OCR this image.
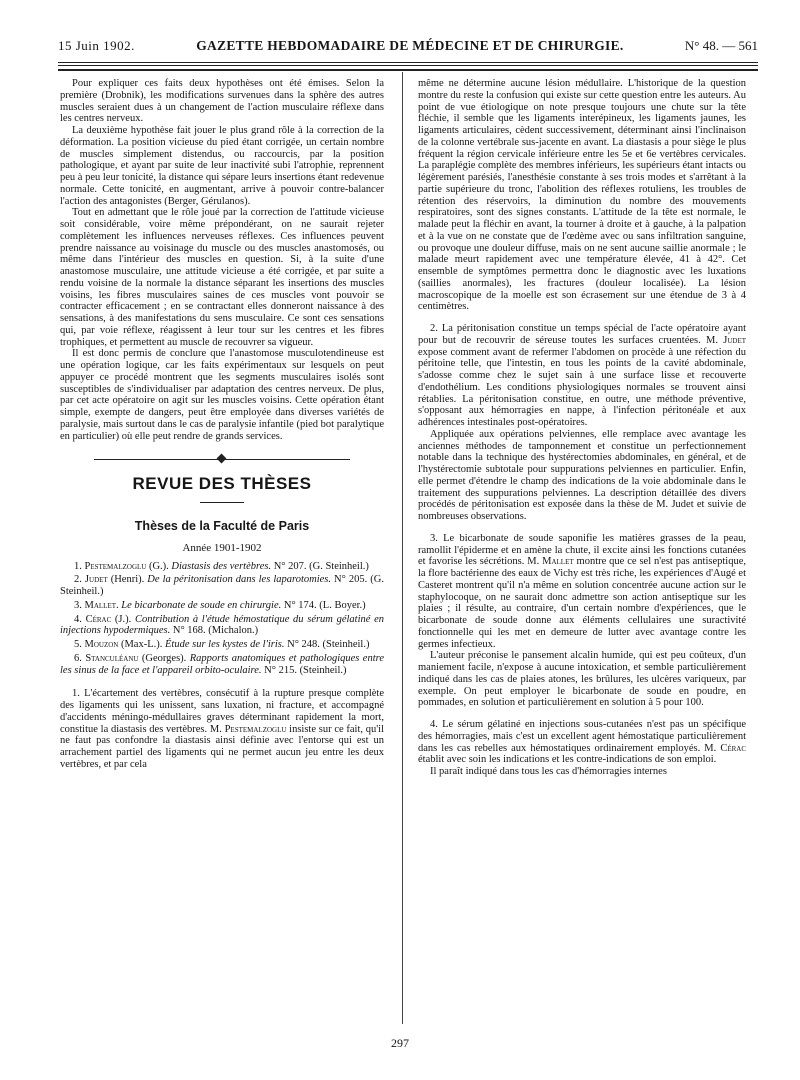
15 Juin 1902.	GAZETTE HEBDOMADAIRE DE MÉDECINE ET DE CHIRURGIE.	N° 48. — 561

Pour expliquer ces faits deux hypothèses ont été émises. Selon la première (Drobnik), les modifications survenues dans la sphère des autres muscles seraient dues à un changement de l'action musculaire réflexe dans les centres nerveux.

La deuxième hypothèse fait jouer le plus grand rôle à la correction de la déformation. La position vicieuse du pied étant corrigée, un certain nombre de muscles simplement distendus, ou raccourcis, par la position pathologique, et ayant par suite de leur inactivité subi l'atrophie, reprennent peu à peu leur tonicité, la distance qui sépare leurs insertions étant redevenue normale. Cette tonicité, en augmentant, arrive à pouvoir contre-balancer l'action des antagonistes (Berger, Gérulanos).

Tout en admettant que le rôle joué par la correction de l'attitude vicieuse soit considérable, voire même prépondérant, on ne saurait rejeter complètement les influences nerveuses réflexes. Ces influences peuvent prendre naissance au voisinage du muscle ou des muscles anastomosés, ou même dans l'intérieur des muscles en question. Si, à la suite d'une anastomose musculaire, une attitude vicieuse a été corrigée, et par suite a rendu voisine de la normale la distance séparant les insertions des muscles voisins, les fibres musculaires saines de ces muscles vont pouvoir se contracter efficacement ; en se contractant elles donneront naissance à des sensations, à des manifestations du sens musculaire. Ce sont ces sensations qui, par voie réflexe, réagissent à leur tour sur les centres et les fibres trophiques, et permettent au muscle de recouvrer sa vigueur.

Il est donc permis de conclure que l'anastomose musculotendineuse est une opération logique, car les faits expérimentaux sur lesquels on peut appuyer ce procédé montrent que les segments musculaires isolés sont susceptibles de s'individualiser par adaptation des centres nerveux. De plus, par cet acte opératoire on agit sur les muscles voisins. Cette opération étant simple, exempte de dangers, peut être employée dans diverses variétés de paralysie, mais surtout dans le cas de paralysie infantile (pied bot paralytique en particulier) où elle peut rendre de grands services.

REVUE DES THÈSES
Thèses de la Faculté de Paris
Année 1901-1902

1. Pestemalzoglu (G.). Diastasis des vertèbres. N° 207. (G. Steinheil.)

2. Judet (Henri). De la péritonisation dans les laparotomies. N° 205. (G. Steinheil.)

3. Mallet. Le bicarbonate de soude en chirurgie. N° 174. (L. Boyer.)

4. Cérac (J.). Contribution à l'étude hémostatique du sérum gélatiné en injections hypodermiques. N° 168. (Michalon.)

5. Mouzon (Max-L.). Étude sur les kystes de l'iris. N° 248. (Steinheil.)

6. Stanculéanu (Georges). Rapports anatomiques et pathologiques entre les sinus de la face et l'appareil orbito-oculaire. N° 215. (Steinheil.)

1. L'écartement des vertèbres, consécutif à la rupture presque complète des ligaments qui les unissent, sans luxation, ni fracture, et accompagné d'accidents méningo-médullaires graves déterminant rapidement la mort, constitue la diastasis des vertèbres. M. Pestemalzoglu insiste sur ce fait, qu'il ne faut pas confondre la diastasis ainsi définie avec l'entorse qui est un arrachement partiel des ligaments qui ne permet aucun jeu entre les deux vertèbres, et par cela

même ne détermine aucune lésion médullaire. L'historique de la question montre du reste la confusion qui existe sur cette question entre les auteurs. Au point de vue étiologique on note presque toujours une chute sur la tête fléchie, il semble que les ligaments interépineux, les ligaments jaunes, les ligaments articulaires, cèdent successivement, déterminant ainsi l'inclinaison de la colonne vertébrale sus-jacente en avant. La diastasis a pour siège le plus fréquent la région cervicale inférieure entre les 5e et 6e vertèbres cervicales. La paraplégie complète des membres inférieurs, les supérieurs étant intacts ou légèrement parésiés, l'anesthésie constante à ses trois modes et s'arrêtant à la partie supérieure du tronc, l'abolition des réflexes rotuliens, les troubles de rétention des réservoirs, la diminution du nombre des mouvements respiratoires, sont des signes constants. L'attitude de la tête est normale, le malade peut la fléchir en avant, la tourner à droite et à gauche, à la palpation et à la vue on ne constate que de l'œdème avec ou sans infiltration sanguine, ou provoque une douleur diffuse, mais on ne sent aucune saillie anormale ; le malade meurt rapidement avec une température élevée, 41 à 42°. Cet ensemble de symptômes permettra donc le diagnostic avec les luxations (saillies anormales), les fractures (douleur localisée). La lésion macroscopique de la moelle est son écrasement sur une étendue de 3 à 4 centimètres.

2. La péritonisation constitue un temps spécial de l'acte opératoire ayant pour but de recouvrir de séreuse toutes les surfaces cruentées. M. Judet expose comment avant de refermer l'abdomen on procède à une réfection du péritoine telle, que l'intestin, en tous les points de la cavité abdominale, s'adosse comme chez le sujet sain à une surface lisse et recouverte d'endothélium. Les conditions physiologiques normales se trouvent ainsi rétablies. La péritonisation constitue, en outre, une méthode préventive, s'opposant aux hémorragies en nappe, à l'infection péritonéale et aux adhérences intestinales post-opératoires.

Appliquée aux opérations pelviennes, elle remplace avec avantage les anciennes méthodes de tamponnement et constitue un perfectionnement notable dans la technique des hystérectomies abdominales, en général, et de l'hystérectomie subtotale pour suppurations pelviennes en particulier. Enfin, elle permet d'étendre le champ des indications de la voie abdominale dans le traitement des suppurations pelviennes. La description détaillée des divers procédés de péritonisation est exposée dans la thèse de M. Judet et suivie de nombreuses observations.

3. Le bicarbonate de soude saponifie les matières grasses de la peau, ramollit l'épiderme et en amène la chute, il excite ainsi les fonctions cutanées et favorise les sécrétions. M. Mallet montre que ce sel n'est pas antiseptique, la flore bactérienne des eaux de Vichy est très riche, les expériences d'Augé et Casteret montrent qu'il n'a même en solution concentrée aucune action sur le staphylocoque, on ne saurait donc admettre son action antiseptique sur les plaies ; il résulte, au contraire, d'un certain nombre d'expériences, que le bicarbonate de soude donne aux éléments cellulaires une suractivité fonctionnelle qui les met en demeure de lutter avec avantage contre les germes infectieux.

L'auteur préconise le pansement alcalin humide, qui est peu coûteux, d'un maniement facile, n'expose à aucune intoxication, et semble particulièrement indiqué dans les cas de plaies atones, les brûlures, les ulcères variqueux, par exemple. On peut employer le bicarbonate de soude en poudre, en pommades, en solution et particulièrement en solution à 5 pour 100.

4. Le sérum gélatiné en injections sous-cutanées n'est pas un spécifique des hémorragies, mais c'est un excellent agent hémostatique particulièrement dans les cas rebelles aux hémostatiques ordinairement employés. M. Cérac établit avec soin les indications et les contre-indications de son emploi.

Il paraît indiqué dans tous les cas d'hémorragies internes

297
